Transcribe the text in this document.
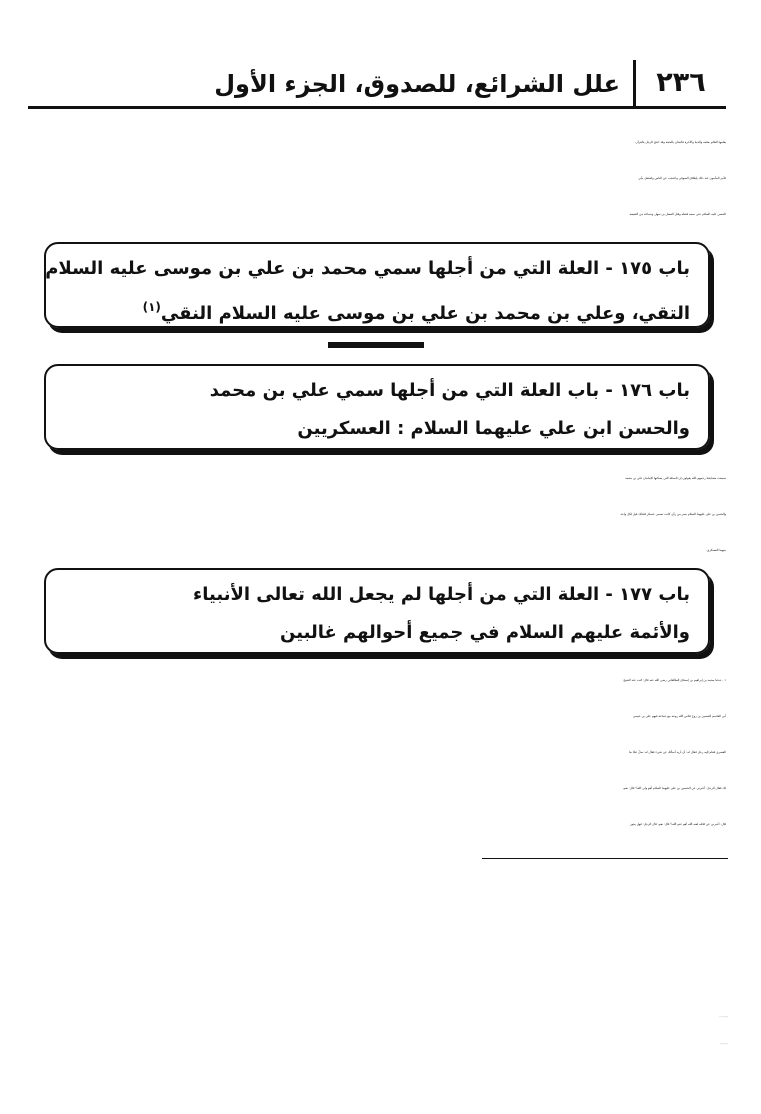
٢٣٦
علل الشرائع، للصدوق، الجزء الأول
يعلمها العالم بعلمه والدنيا والآخرة قائمتان بالحجة وقد احتج الرجل بالقرآن
فأمر المأمون عند ذلك بإطلاق الصوفي واحتجب عن الناس واشتغل بأبي
الحسن عليه السلام حتى سمه فقتله وقتل الفضل بن سهل وجماعة من الشيعة.
باب ١٧٥ - العلة التي من أجلها سمي محمد بن علي بن موسى عليه السلام
التقي، وعلي بن محمد بن علي بن موسى عليه السلام النقي$^{(١)}$
باب ١٧٦ - باب العلة التي من أجلها سمي علي بن محمد
والحسن ابن علي عليهما السلام : العسكريين
سمعت مشايخنا رحمهم الله يقولون إن المحلة التي يسكنها الإمامان علي بن محمد
والحسن بن علي عليهما السلام بسر من رأى كانت تسمى عسكر فلذلك قيل لكل واحد
منهما العسكري.
باب ١٧٧ - العلة التي من أجلها لم يجعل الله تعالى الأنبياء
والأئمة عليهم السلام في جميع أحوالهم غالبين
١ - حدثنا محمد بن إبراهيم بن إسحاق الطالقاني رضي الله عنه قال: كنت عند الشيخ
أبي القاسم الحسين بن روح قدّس الله روحه مع جماعة فيهم علي بن عيسى
القصري فقام إليه رجل فقال له: أن أريد أسألك عن شيء فقال له: سلْ عمَّا بدا
لك فقال الرجل: أخبرني عن الحسين بن علي عليهما السلام أهو ولي الله؟ قال: نعم،
قال: أخبرني عن قاتله لعنه الله أهو عدو الله؟ قال: نعم، قال الرجل: فهل يجوز
